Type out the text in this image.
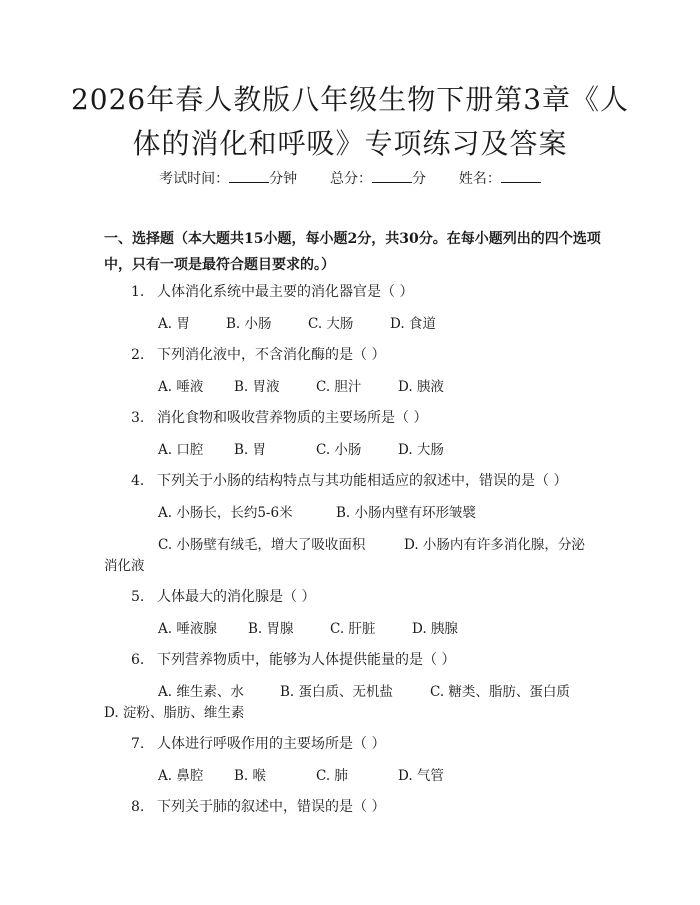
2026年春人教版八年级生物下册第3章《人
体的消化和呼吸》专项练习及答案
考试时间：	分钟 总分：	分 姓名：
一、选择题（本大题共15小题，每小题2分，共30分。在每小题列出的四个选项中，只有一项是最符合题目要求的。）
1. 人体消化系统中最主要的消化器官是（ ）
A. 胃	B. 小肠	C. 大肠	D. 食道
2. 下列消化液中，不含消化酶的是（ ）
A. 唾液 B. 胃液	C. 胆汁	D. 胰液
3. 消化食物和吸收营养物质的主要场所是（ ）
A. 口腔 B. 胃	C. 小肠	D. 大肠
4. 下列关于小肠的结构特点与其功能相适应的叙述中，错误的是（ ）
A. 小肠长，长约5-6米	B. 小肠内壁有环形皱襞
C. 小肠壁有绒毛，增大了吸收面积	D. 小肠内有许多消化腺，分泌
消化液
5. 人体最大的消化腺是（ ）
A. 唾液腺 B. 胃腺	C. 肝脏	D. 胰腺
6. 下列营养物质中，能够为人体提供能量的是（ ）
A. 维生素、水	B. 蛋白质、无机盐	C. 糖类、脂肪、蛋白质
D. 淀粉、脂肪、维生素
7. 人体进行呼吸作用的主要场所是（ ）
A. 鼻腔 B. 喉	C. 肺	D. 气管
8. 下列关于肺的叙述中，错误的是（ ）
